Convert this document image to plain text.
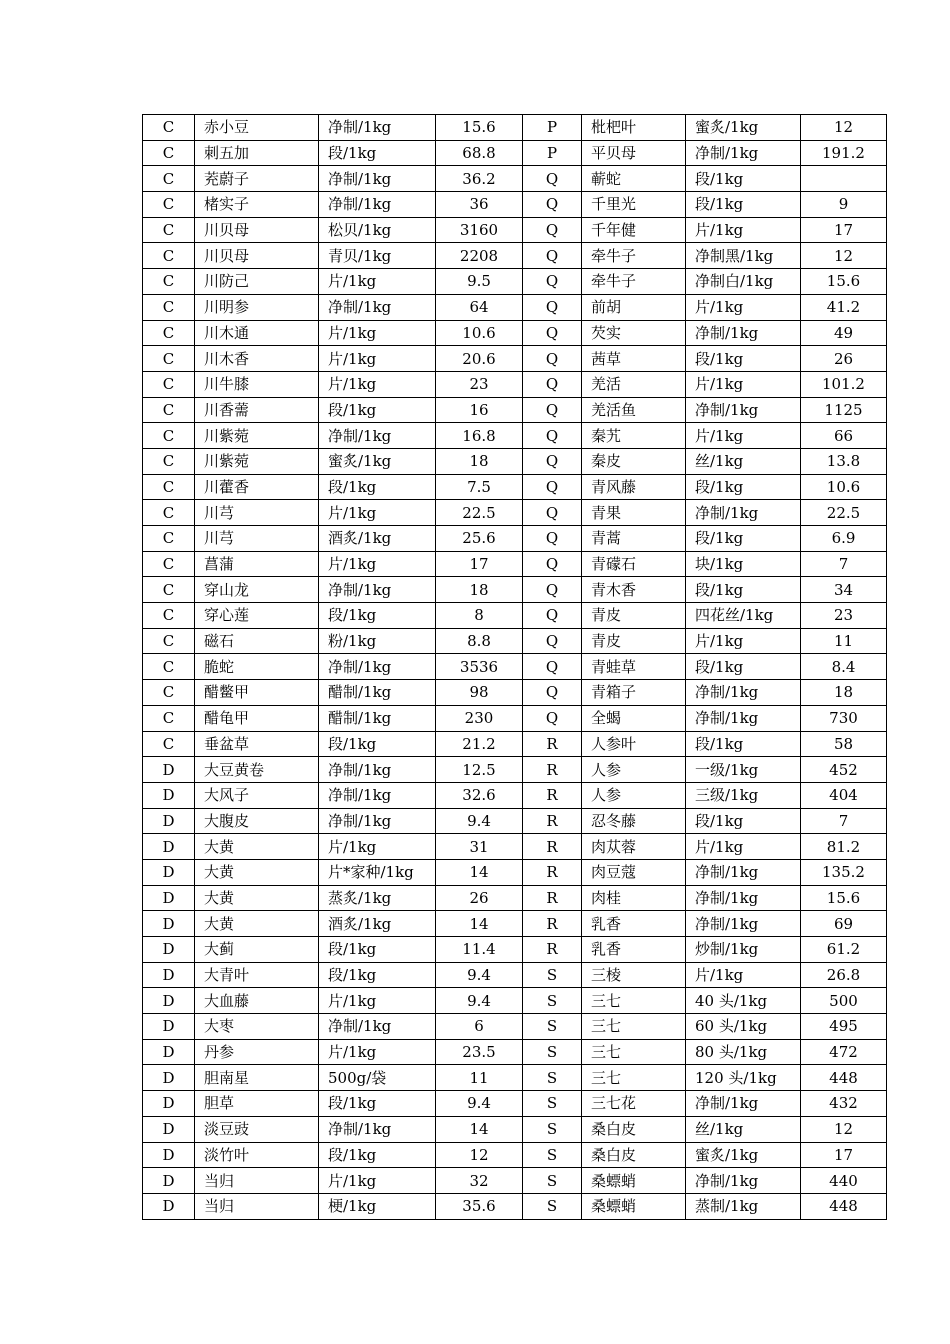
C	赤小豆	净制/1kg	15.6	P	枇杷叶	蜜炙/1kg	12
C	刺五加	段/1kg	68.8	P	平贝母	净制/1kg	191.2
C	茺蔚子	净制/1kg	36.2	Q	蕲蛇	段/1kg	
C	楮实子	净制/1kg	36	Q	千里光	段/1kg	9
C	川贝母	松贝/1kg	3160	Q	千年健	片/1kg	17
C	川贝母	青贝/1kg	2208	Q	牵牛子	净制黑/1kg	12
C	川防己	片/1kg	9.5	Q	牵牛子	净制白/1kg	15.6
C	川明参	净制/1kg	64	Q	前胡	片/1kg	41.2
C	川木通	片/1kg	10.6	Q	芡实	净制/1kg	49
C	川木香	片/1kg	20.6	Q	茜草	段/1kg	26
C	川牛膝	片/1kg	23	Q	羌活	片/1kg	101.2
C	川香薷	段/1kg	16	Q	羌活鱼	净制/1kg	1125
C	川紫菀	净制/1kg	16.8	Q	秦艽	片/1kg	66
C	川紫菀	蜜炙/1kg	18	Q	秦皮	丝/1kg	13.8
C	川藿香	段/1kg	7.5	Q	青风藤	段/1kg	10.6
C	川芎	片/1kg	22.5	Q	青果	净制/1kg	22.5
C	川芎	酒炙/1kg	25.6	Q	青蒿	段/1kg	6.9
C	菖蒲	片/1kg	17	Q	青礞石	块/1kg	7
C	穿山龙	净制/1kg	18	Q	青木香	段/1kg	34
C	穿心莲	段/1kg	8	Q	青皮	四花丝/1kg	23
C	磁石	粉/1kg	8.8	Q	青皮	片/1kg	11
C	脆蛇	净制/1kg	3536	Q	青蛙草	段/1kg	8.4
C	醋鳖甲	醋制/1kg	98	Q	青箱子	净制/1kg	18
C	醋龟甲	醋制/1kg	230	Q	全蝎	净制/1kg	730
C	垂盆草	段/1kg	21.2	R	人参叶	段/1kg	58
D	大豆黄卷	净制/1kg	12.5	R	人参	一级/1kg	452
D	大风子	净制/1kg	32.6	R	人参	三级/1kg	404
D	大腹皮	净制/1kg	9.4	R	忍冬藤	段/1kg	7
D	大黄	片/1kg	31	R	肉苁蓉	片/1kg	81.2
D	大黄	片*家种/1kg	14	R	肉豆蔻	净制/1kg	135.2
D	大黄	蒸炙/1kg	26	R	肉桂	净制/1kg	15.6
D	大黄	酒炙/1kg	14	R	乳香	净制/1kg	69
D	大蓟	段/1kg	11.4	R	乳香	炒制/1kg	61.2
D	大青叶	段/1kg	9.4	S	三棱	片/1kg	26.8
D	大血藤	片/1kg	9.4	S	三七	40 头/1kg	500
D	大枣	净制/1kg	6	S	三七	60 头/1kg	495
D	丹参	片/1kg	23.5	S	三七	80 头/1kg	472
D	胆南星	500g/袋	11	S	三七	120 头/1kg	448
D	胆草	段/1kg	9.4	S	三七花	净制/1kg	432
D	淡豆豉	净制/1kg	14	S	桑白皮	丝/1kg	12
D	淡竹叶	段/1kg	12	S	桑白皮	蜜炙/1kg	17
D	当归	片/1kg	32	S	桑螵蛸	净制/1kg	440
D	当归	梗/1kg	35.6	S	桑螵蛸	蒸制/1kg	448
